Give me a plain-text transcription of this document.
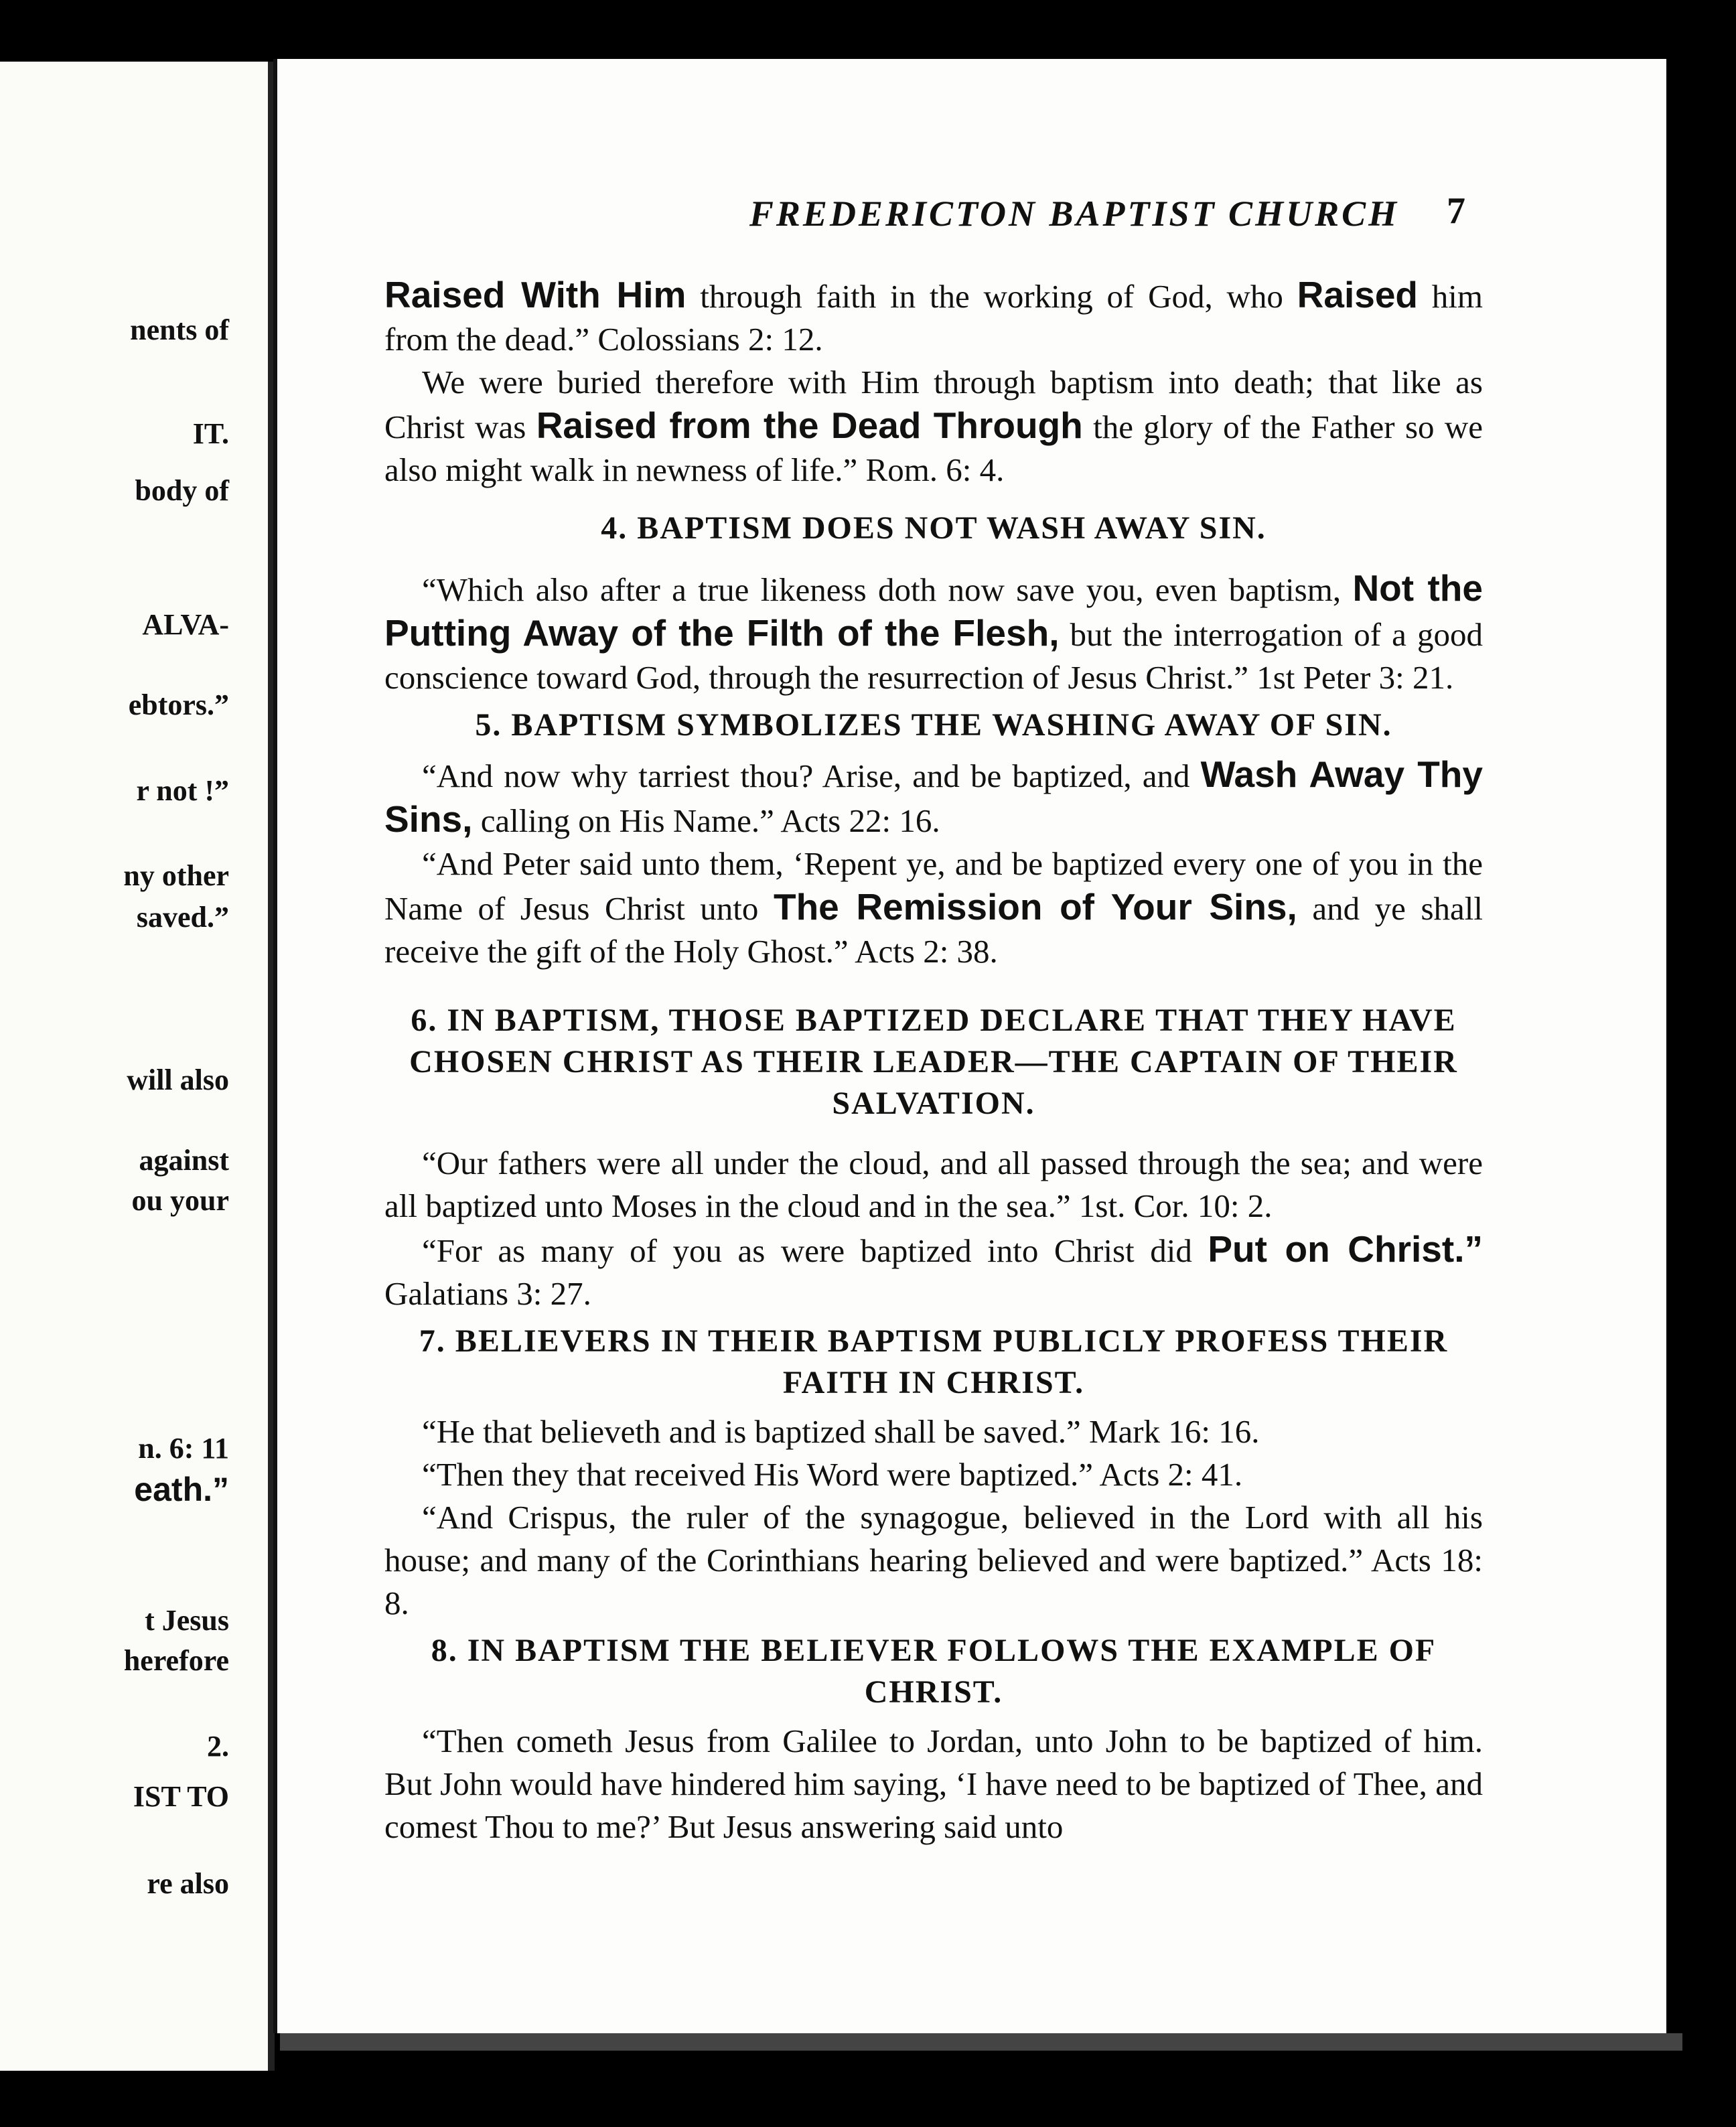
nents of
IT.
body of
ALVA-
ebtors.”
r not !”
ny other
saved.”
will also
against
ou your
n. 6: 11
eath.”
t Jesus
herefore
2.
IST TO
re also
FREDERICTON BAPTIST CHURCH	7

Raised With Him through faith in the working of God, who Raised him from the dead.” Colossians 2: 12.

We were buried therefore with Him through baptism into death; that like as Christ was Raised from the Dead Through the glory of the Father so we also might walk in newness of life.” Rom. 6: 4.

4. BAPTISM DOES NOT WASH AWAY SIN.

“Which also after a true likeness doth now save you, even baptism, Not the Putting Away of the Filth of the Flesh, but the interrogation of a good conscience toward God, through the resurrection of Jesus Christ.” 1st Peter 3: 21.

5. BAPTISM SYMBOLIZES THE WASHING AWAY OF SIN.

“And now why tarriest thou? Arise, and be baptized, and Wash Away Thy Sins, calling on His Name.” Acts 22: 16.

“And Peter said unto them, ‘Repent ye, and be baptized every one of you in the Name of Jesus Christ unto The Remission of Your Sins, and ye shall receive the gift of the Holy Ghost.” Acts 2: 38.

6. IN BAPTISM, THOSE BAPTIZED DECLARE THAT THEY HAVE CHOSEN CHRIST AS THEIR LEADER—THE CAPTAIN OF THEIR SALVATION.

“Our fathers were all under the cloud, and all passed through the sea; and were all baptized unto Moses in the cloud and in the sea.” 1st. Cor. 10: 2.

“For as many of you as were baptized into Christ did Put on Christ.” Galatians 3: 27.

7. BELIEVERS IN THEIR BAPTISM PUBLICLY PROFESS THEIR FAITH IN CHRIST.

“He that believeth and is baptized shall be saved.” Mark 16: 16.

“Then they that received His Word were baptized.” Acts 2: 41.

“And Crispus, the ruler of the synagogue, believed in the Lord with all his house; and many of the Corinthians hearing believed and were baptized.” Acts 18: 8.

8. IN BAPTISM THE BELIEVER FOLLOWS THE EXAMPLE OF CHRIST.

“Then cometh Jesus from Galilee to Jordan, unto John to be baptized of him. But John would have hindered him saying, ‘I have need to be baptized of Thee, and comest Thou to me?’ But Jesus answering said unto
